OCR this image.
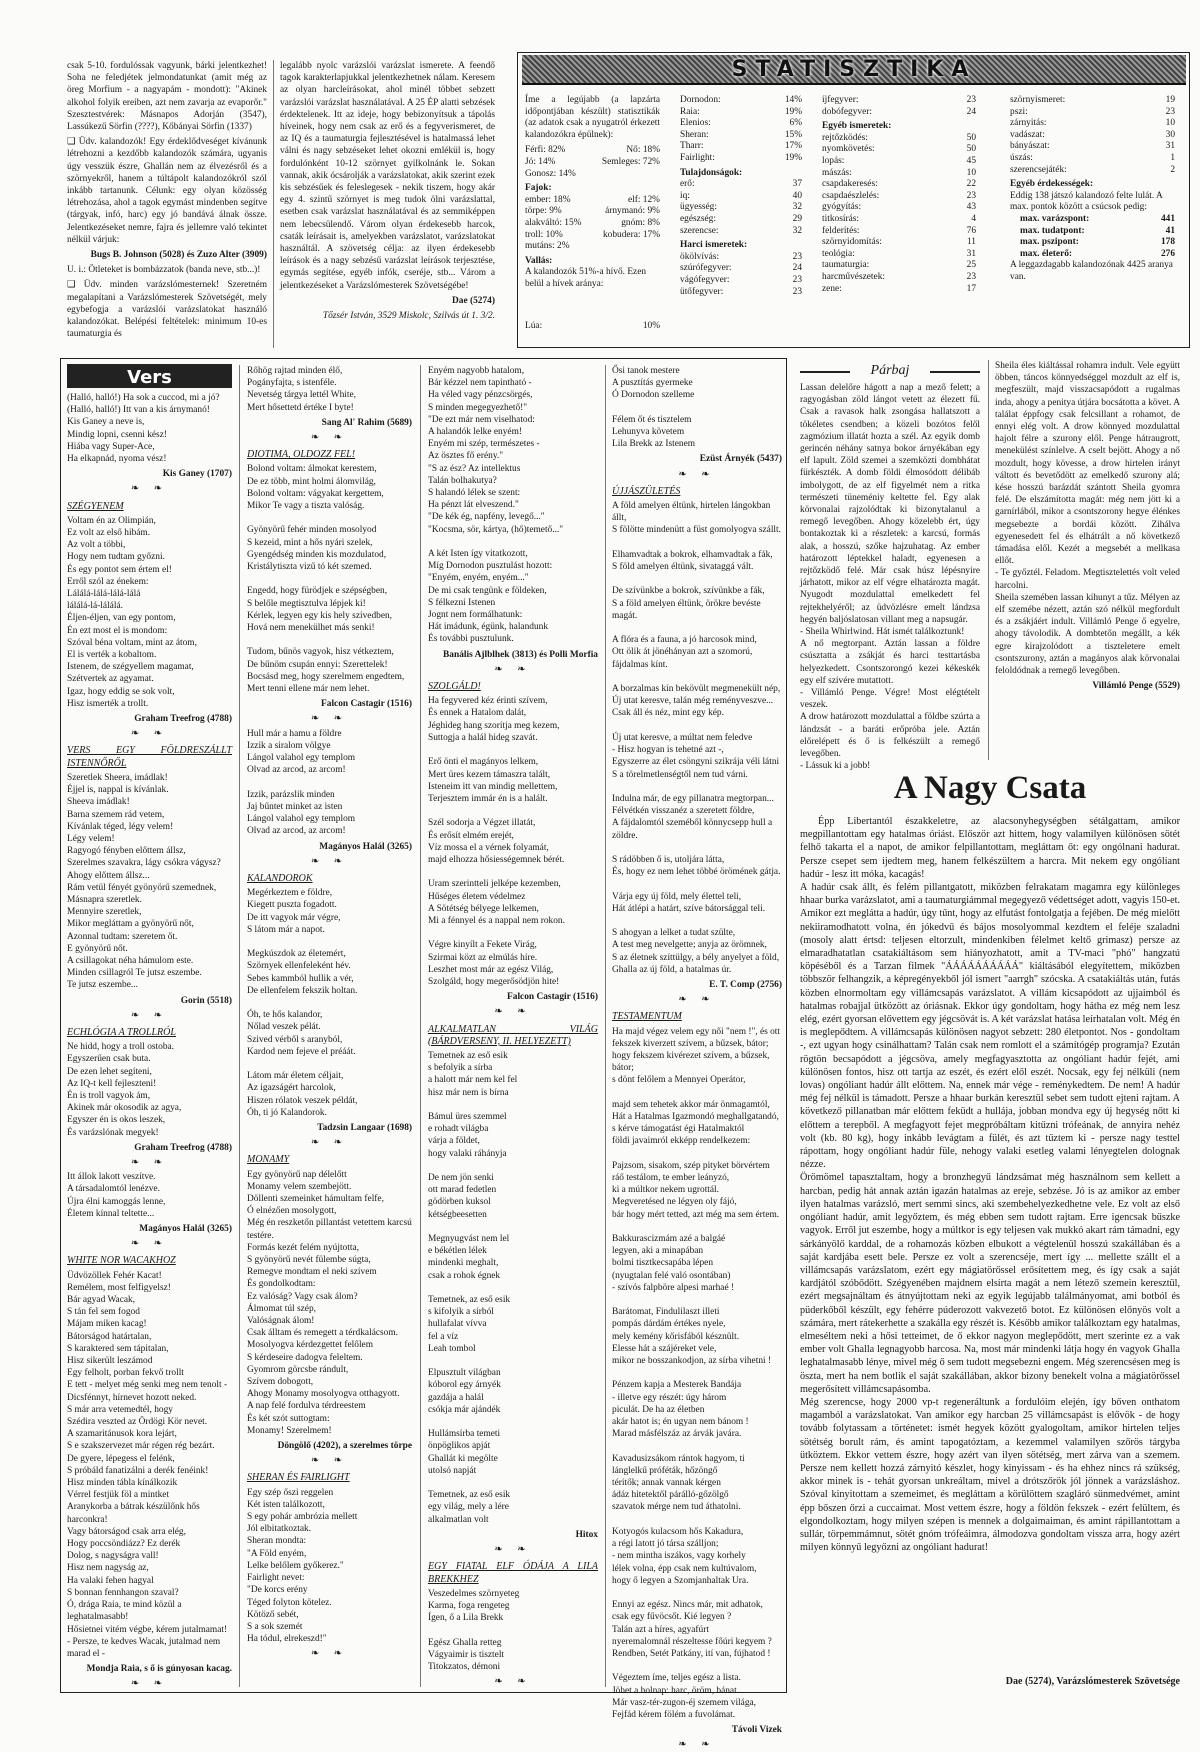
csak 5-10. fordulóssak vagyunk, bárki jelentkezhet! Soha ne feledjétek jelmondatunkat (amit még az öreg Morfium - a nagyapám - mondott): "Akinek alkohol folyik ereiben, azt nem zavarja az evaporőr." Szesztestvérek: Másnapos Adorján (3547), Lassúkezű Sörfin (????), Kőbányai Sörfin (1337)

❑ Üdv. kalandozók! Egy érdeklődveséget kívánunk létrehozni a kezdőbb kalandozók számára, ugyanis úgy vesszük észre, Ghallán nem az élvezésről és a szörnyekről, hanem a túltápolt kalandozókról szól inkább tartanunk. Célunk: egy olyan közösség létrehozása, ahol a tagok egymást mindenben segítve (tárgyak, infó, harc) egy jó bandává álnak össze. Jelentkezéseket nemre, fajra és jellemre való tekintet nélkül várjuk:

Bugs B. Johnson (5028) és Zuzo Alter (3909)

U. i.: Ötleteket is bombázzatok (banda neve, stb...)!

❑ Üdv. minden varázslómesternek! Szeretném megalapítani a Varázslómesterek Szövetségét, mely egybefogja a varázslói varázslatokat használó kalandozókat. Belépési feltételek: minimum 10-es taumaturgia és

legalább nyolc varázslói varázslat ismerete. A feendő tagok karakterlapjukkal jelentkezhetnek nálam. Keresem az olyan harcleírásokat, ahol minél többet sebzett varázslói varázslat használatával. A 25 ÉP alatti sebzések érdektelenek. Itt az ideje, hogy bebizonyítsuk a tápolás híveinek, hogy nem csak az erő és a fegyverismeret, de az IQ és a taumaturgia fejlesztésével is hatalmassá lehet válni és nagy sebzéseket lehet okozni emlékül is, hogy fordulónként 10-12 szörnyet gyilkolnánk le. Sokan vannak, akik ócsárolják a varázslatokat, akik szerint ezek kis sebzésűek és feleslegesek - nekik tiszem, hogy akár egy 4. szintű szörnyet is meg tudok ölni varázslattal, esetben csak varázslat használatával és az semmiképpen nem lebecsülendő. Várom olyan érdekesebb harcok, csaták leírásait is, amelyekben varázslatot, varázslatokat használtál. A szövetség célja: az ilyen érdekesebb leírások és a nagy sebzésű varázslat leírások terjesztése, egymás segítése, egyéb infók, cseréje, stb... Várom a jelentkezéseket a Varázslómesterek Szövetségébe!

Dae (5274)

Tőzsér István, 3529 Miskolc, Szilvás út 1. 3/2.

STATISZTIKA
Íme a legújabb (a lapzárta időpontjában készült) statisztikák (az adatok csak a nyugatról érkezett kalandozókra épülnek):
Férfi: 82%	Nő: 18%
Jó: 14%	Semleges: 72%
Gonosz: 14%
Fajok:
ember: 18%	elf: 12%
törpe: 9%	árnymanó: 9%
alakváltó: 15%	gnóm: 8%
troll: 10%	kobudera: 17%
mutáns: 2%
Vallás:
A kalandozók 51%-a hívő. Ezen belül a hívek aránya:
Dornodon:	14%
Raia:	19%
Elenios:	6%
Sheran:	15%
Tharr:	17%
Fairlight:	19%
Tulajdonságok:
erő:	37
iq:	40
ügyesség:	32
egészség:	29
szerencse:	32
Harci ismeretek:
ökölvívás:	23
szúrófegyver:	24
vágófegyver:	23
ütőfegyver:	23
Lúa:	10%
íjfegyver:	23
dobófegyver:	24
Egyéb ismeretek:
rejtőzködés:	50
nyomkövetés:	50
lopás:	45
mászás:	10
csapdakeresés:	22
csapdaészlelés:	23
gyógyítás:	43
titkosírás:	4
felderítés:	76
szörnyidomítás:	11
teológia:	31
taumaturgia:	25
harcművészetek:	23
zene:	17
szörnyismeret:	19
pszi:	23
zárnyitás:	10
vadászat:	30
bányászat:	31
úszás:	1
szerencsejáték:	2
Egyéb érdekességek:
Eddig 138 játszó kalandozó felte lulát. A max. pontok között a csúcsok pedig:
max. varázspont:	441
max. tudatpont:	41
max. pszipont:	178
max. életerő:	276
A leggazdagabb kalandozónak 4425 aranya van.
Vers

(Halló, halló!) Ha sok a cuccod, mi a jó?
(Halló, halló!) Itt van a kis árnymanó!
Kis Ganey a neve is,
Mindig lopni, csenni kész!
Hiába vagy Super-Ace,
Ha elkapnád, nyoma vész!

Kis Ganey (1707)

❧ ❧
SZÉGYENEM

Voltam én az Olimpián,
Ez volt az első hibám.
Az volt a többi,
Hogy nem tudtam győzni.
És egy pontot sem értem el!
Erről szól az énekem:
Lálálá-lálá-lálá-lálá
lálálá-lá-lálálá.
Éljen-éljen, van egy pontom,
Én ezt most el is mondom:
Szóval béna voltam, mint az átom,
El is verték a kobaltom.
Istenem, de szégyellem magamat,
Szétvertek az agyamat.
Igaz, hogy eddig se sok volt,
Hisz ismerték a trollt.

Graham Treefrog (4788)

❧ ❧
VERS EGY FÖLDRESZÁLLT ISTENNŐRŐL

Szeretlek Sheera, imádlak!
Éjjel is, nappal is kívánlak.
Sheeva imádlak!
Barna szemem rád vetem,
Kívánlak téged, légy velem!
Légy velem!
Ragyogó fényben előttem állsz,
Szerelmes szavakra, lágy csókra vágysz?
Ahogy előttem állsz...
Rám vetül fényét gyönyörű szemednek,
Másnapra szeretlek.
Mennyire szeretlek,
Mikor megláttam a gyönyörű nőt,
Azonnal tudtam: szeretem őt.
E gyönyörű nőt.
A csillagokat néha hámulom este.
Minden csillagról Te jutsz eszembe.
Te jutsz eszembe...

Gorin (5518)

❧ ❧
ECHLÓGIA A TROLLRÓL

Ne hidd, hogy a troll ostoba.
Egyszerűen csak buta.
De ezen lehet segíteni,
Az IQ-t kell fejleszteni!
Én is troll vagyok ám,
Akinek már okosodik az agya,
Egyszer én is okos leszek,
És varázslónak megyek!

Graham Treefrog (4788)

❧ ❧

Itt állok lakott veszítve.
A társadalomtól lenézve.
Újra élni kamoggás lenne,
Életem kínnal teltette...

Magányos Halál (3265)

❧ ❧
WHITE NOR WACAKHOZ

Üdvözöllek Fehér Kacat!
Remélem, most felfigyelsz!
Bár agyad Wacak,
S tán fel sem fogod
Májam miken kacag!
Bátorságod határtalan,
S karaktered sem tápitalan,
Hisz sikerült leszámod
Egy felholt, porban fekvő trollt
E tett - melyet még senki meg nem tenolt -
Dicsfénnyt, hírnevet hozott neked.
S már arra vetemedtél, hogy
Szédira veszted az Ördögi Kör nevet.
A szamaritánusok kora lejárt,
S e szakszervezet már régen rég bezárt.
De gyere, lépegess el felénk,
S próbáld fanatizálni a derék fenéink!
Hisz minden tábla kínálkozik
Vérrel festjük föl a mintket
Aranykorba a bátrak készülőnk hős harconkra!
Vagy bátorságod csak arra elég,
Hogy poccsöndiázz? Ez derék
Dolog, s nagyságra vall!
Hisz nem nagyság az,
Ha valaki fehen hagyal
S bonnan fennhangon szaval?
Ó, drága Raia, te mind közül a leghatalmasabb!
Hősietnei vitém végbe, kérem jutalmamat!
- Persze, te kedves Wacak, jutalmad nem marad el -

Mondja Raia, s ő is gúnyosan kacag.

❧ ❧

Rőhög rajtad minden élő,
Pogányfajta, s istenféle.
Nevetség tárgya lettél White,
Mert hősettetd értéke I byte!

Sang Al' Rahim (5689)

❧ ❧
DIOTIMA, OLDOZZ FEL!

Bolond voltam: álmokat kerestem,
De ez több, mint holmi álomvilág,
Bolond voltam: vágyakat kergettem,
Mikor Te vagy a tiszta valóság.

Gyönyörű fehér minden mosolyod
S kezeid, mint a hős nyári szelek,
Gyengédség minden kis mozdulatod,
Kristálytiszta vizű tó két szemed.

Engedd, hogy fürödjek e szépségben,
S belőle megtisztulva lépjek ki!
Kérlek, legyen egy kis hely szívedben,
Hová nem menekülhet más senki!

Tudom, bűnös vagyok, hisz vétkeztem,
De bűnöm csupán ennyi: Szerettelek!
Bocsásd meg, hogy szerelmem engedtem,
Mert tenni ellene már nem lehet.

Falcon Castagir (1516)

❧ ❧

Hull már a hamu a földre
Izzik a siralom völgye
Lángol valahol egy templom
Olvad az arcod, az arcom!

Izzik, parázslik minden
Jaj bűntet minket az isten
Lángol valahol egy templom
Olvad az arcod, az arcom!

Magányos Halál (3265)

❧ ❧
KALANDOROK

Megérkeztem e földre,
Kiegett puszta fogadott.
De itt vagyok már végre,
S látom már a napot.

Megkúszdok az életemért,
Szörnyek ellenfeleként hév.
Sebes kammból hullik a vér,
De ellenfelem fekszik holtan.

Óh, te hős kalandor,
Nőlad veszek pélát.
Szived vérből s aranyból,
Kardod nem fejeve el préáát.

Látom már életem céljait,
Az igazságért harcolok,
Hiszen rólatok veszek példát,
Óh, ti jó Kalandorok.

Tadzsin Langaar (1698)

❧ ❧
MONAMY

Egy gyönyörű nap délelőtt
Monamy velem szembejött.
Döllenti szemeinket hámultam felfe,
Ó elnézően mosolygott,
Még én reszketőn pillantást vetettem karcsú testére.
Formás kezét felém nyújtotta,
S gyönyörű nevét fülembe súgta,
Remegve mondtam el neki szívem
És gondolkodtam:
Ez valóság? Vagy csak álom?
Álmomat túl szép,
Valóságnak álom!
Csak álltam és remegett a térdkalácsom.
Mosolyogva kérdezgettet felőlem
S kérdeseire dadogva feleltem.
Gyomrom görcsbe rándult,
Szívem dobogott,
Ahogy Monamy mosolyogva otthagyott.
A nap felé fordulva térdreestem
És két szót suttogtam:
Monamy! Szerelmem!

Döngölő (4202), a szerelmes törpe

❧ ❧
SHERAN ÉS FAIRLIGHT

Egy szép őszi reggelen
Két isten találkozott,
S egy pohár ambrózia mellett
Jól elbitatkoztak.
Sheran mondta:
"A Föld enyém,
Lelke belőlem győkerez."
Fairlight nevet:
"De korcs erény
Téged folyton kötelez.
Kötöző sebét,
S a sok szemét
Ha tódul, elrekeszd!"

❧ ❧

Enyém nagyobb hatalom,
Bár kézzel nem tapintható -
Ha véled vagy pénzcsörgés,
S minden megegyezhető!"
"De ezt már nem viselhatod:
A halandók lelke enyém!
Enyém mi szép, természetes -
Az ösztes fő erény."
"S az ész? Az intellektus
Talán bolhakutya?
S halandó lélek se szent:
Ha pénzt lát elveszend."
"De kék ég, napfény, levegő..."
"Kocsma, sör, kártya, (hő)temető..."

A két Isten így vitatkozott,
Míg Dornodon pusztulást hozott:
"Enyém, enyém, enyém..."
De mi csak tengünk e földeken,
S félkezni Istenen
Jognt nem formálhatunk:
Hát imádunk, égünk, halandunk
És további pusztulunk.

Banális Ajlblhek (3813) és Polli Morfia

❧ ❧
SZOLGÁLD!

Ha fegyvered kéz érinti szívem,
És ennek a Hatalom dalát,
Jéghideg hang szorítja meg kezem,
Suttogja a halál hideg szavát.

Erő önti el magányos lelkem,
Mert üres kezem támaszra talált,
Isteneim itt van mindig mellettem,
Terjesztem immár én is a halált.

Szél sodorja a Végzet illatát,
És erősít elmém erejét,
Víz mossa el a vérnek folyamát,
majd elhozza hősiességemnek bérét.

Uram szerintteli jelképe kezemben,
Hűséges életem védelmez
A Sötétség bélyege lelkemen,
Mi a fénnyel és a nappal nem rokon.

Végre kinyílt a Fekete Virág,
Szirmai közt az elmúlás híre.
Leszhet most már az egész Világ,
Szolgáld, hogy megerősödjön hite!

Falcon Castagir (1516)

❧ ❧
ALKALMATLAN VILÁG (BÁRDVERSENY, II. HELYEZETT)

Temetnek az eső esik
s befolyik a sírba
a halott már nem kel fel
hisz már nem is bírna

Bámul üres szemmel
e rohadt világba
várja a földet,
hogy valaki ráhányja

De nem jön senki
ott marad fedetlen
gödörben kuksol
kétségbeesetten

Megnyugvást nem lel
e békétlen lélek
mindenki meghalt,
csak a rohok égnek

Temetnek, az eső esik
s kifolyik a sírból
hullafalat vívva
fel a víz
Leah tombol

Elpusztult világban
kóborol egy árnyék
gazdája a halál
csókja már ajándék

Hullámsírba temeti
önpöglikos apját
Ghallát ki megölte
utolsó napját

Temetnek, az eső esik
egy világ, mely a lére
alkalmatlan volt

Hitox

❧ ❧
EGY FIATAL ELF ÓDÁJA A LILA BREKKHEZ

Veszedelmes szörnyeteg
Karma, foga rengeteg
Ígen, ő a Lila Brekk

Egész Ghalla retteg
Vágyaimir is tisztelt
Titokzatos, démoni

❧ ❧

Ősi tanok mestere
A pusztítás gyermeke
Ó Dornodon szelleme

Félem őt és tisztelem
Lehunyva követem
Lila Brekk az Istenem

Ezüst Árnyék (5437)

❧ ❧
ÚJJÁSZÜLETÉS

A föld amelyen éltünk, hirtelen lángokban állt,
S fölötte mindenütt a füst gomolyogva szállt.

Elhamvadtak a bokrok, elhamvadtak a fák,
S föld amelyen éltünk, sivataggá vált.

De szívünkbe a bokrok, szívünkbe a fák,
S a föld amelyen éltünk, örökre bevéste magát.

A flóra és a fauna, a jó harcosok mind,
Ott ölik át jönéhányan azt a szomorú, fájdalmas kínt.

A borzalmas kín bekövült megmenekült nép,
Új utat keresve, talán még reményveszve...
Csak áll és néz, mint egy kép.

Új utat keresve, a múltat nem feledve
- Hisz hogyan is tehetné azt -,
Egyszerre az élet csöngyni szikrája véli látni
S a törelmetlenségtől nem tud várni.

Indulna már, de egy pillanatra megtorpan...
Félvétkén visszanéz a szeretett földre,
A fájdalomtól szeméből könnycsepp hull a zöldre.

S rádöbben ő is, utoljára látta,
És, hogy ez nem lehet többé örömének gátja.

Várja egy új föld, mely élettel teli,
Hát átlépi a határt, szíve bátorsággal teli.

S ahogyan a lelket a tudat szülte,
A test meg nevelgette; anyja az örömnek,
S az életnek szíttülgy, a bély anyelyet a föld,
Ghalla az új föld, a hatalmas úr.

E. T. Comp (2756)

❧ ❧
TESTAMENTUM

Ha majd végez velem egy női "nem !", és ott fekszek kiverzett szívem, a bűzsek, bátor;
hogy fekszem kivérezet szívem, a bűzsek, bátor;
s dönt felőlem a Mennyei Operátor,

majd sem tehetek akkor már önmagamtól,
Hát a Hatalmas Igazmondó meghallgatandó,
s kérve támogatást égi Hatalmaktól
földi javaimról ekképp rendelkezem:

Pajzsom, sisakom, szép pityket börvértem
ráő testálom, te ember leányzó,
ki a múltkor nekem ugrottál.
Megveretésed ne légyen oly fájó,
bár hogy mért tetted, azt még ma sem értem.

Bakkurascizmám azé a balgáé
legyen, aki a minapában
bolmi tisztkecsapába lépen
(nyugtalan felé való osontában)
- szívós falpböre alpesi marhaé !

Barátomat, Findulilaszt illeti
pompás dárdám értékes nyele,
mely kemény kőrisfából késznült.
Elesse hát a szájéreket vele,
mikor ne bosszankodjon, az sírba vihetni !

Pénzem kapja a Mesterek Bandája
- illetve egy részét: úgy három
piculát. De ha az életben
akár hatot is; én ugyan nem bánom !
Marad másfélszáz az árvák javára.

Kavadusizsákom rántok hagyom, ti
lánglelkű próféták, hőzöngő
térítők; annak vannak kérgen
ádáz hitetektől párálló-gőzölgő
szavatok mérge nem tud áthatolni.

Kotyogós kulacsom hős Kakadura,
a régi latott jó társa szálljon;
- nem mintha iszákos, vagy korhely
lélek volna, épp csak nem kultúvalom,
hogy ő legyen a Szomjanhaltak Ura.

Ennyi az egész. Nincs már, mit adhatok,
csak egy fűvöcsőt. Kié legyen ?
Talán azt a híres, agyafúrt
nyeremalomnál részeltesse főúri kegyem ?
Rendben, Setét Patkány, ití van, fújhatod !

Végeztem íme, teljes egész a lista.
Jöhet a holnap: harc, öröm, bánat...
Már vasz-tér-zugon-éj szemem világa,
Fejfád kérem fölém a fuvolámat.

Távoli Vizek

❧ ❧
Párbaj

Lassan delelőre hágott a nap a mező felett; a ragyogásban zöld lángot vetett az élezett fű. Csak a ravasok halk zsongása hallatszott a tökéletes csendben; a közeli bozótos felől zagmózium illatát hozta a szél. Az egyik domb gerincén néhány satnya bokor árnyékában egy elf lapult. Zöld szemei a szemközti dombhátat fürkészték. A domb földi élmosódott délibáb imbolygott, de az elf figyelmét nem a ritka természeti tüneméniy keltette fel. Egy alak körvonalai rajzolódtak ki bizonytalanul a remegő levegőben. Ahogy közelebb ért, úgy bontakoztak ki a részletek: a karcsú, formás alak, a hosszú, szőke hajzuhatag. Az ember határozott léptekkel haladt, egyenesen a rejtőzködő felé. Már csak húsz lépésnyire járhatott, mikor az elf végre elhatározta magát. Nyugodt mozdulattal emelkedett fel rejtekhelyéről; az üdvözlésre emelt lándzsa hegyén baljóslatosan villant meg a napsugár.
- Sheila Whirlwind. Hát ismét találkoztunk!
A nő megtorpant. Aztán lassan a földre csúsztatta a zsákját és harci testtartásba helyezkedett. Csontszorongó kezei kékeskék egy elf szívére mutattott.
- Villámló Penge. Végre! Most elégtételt veszek.
A drow határozott mozdulattal a földbe szúrta a lándzsát - a baráti erőpróba jele. Aztán előrelépett és ő is felkészült a remegő levegőben.
- Lássuk ki a jobb!

Sheila éles kiáltással rohamra indult. Vele együtt öbben, táncos könnyedséggel mozdult az elf is, megfeszült, majd visszacsapódott a rugalmas inda, ahogy a penitya útjára bocsátotta a követ. A találat éppfogy csak felcsillant a rohamot, de ennyi elég volt. A drow könnyed mozdulattal hajolt félre a szurony elől. Penge hátraugrott, menekülést színlelve. A cselt bejött. Ahogy a nő mozdult, hogy kövesse, a drow hirtelen irányt váltott és bevetődött az emelkedő szurony alá; kése hosszú barázdát szántott Sheila gyomra felé. De elszámította magát: még nem jött ki a garnírlából, mikor a csontszorony hegye élénkes megsebezte a bordái között. Zihálva egyenesedett fel és elhátrált a nő következő támadása elől. Kezét a megsebét a mellkasa ellőt.
- Te győztél. Feladom. Megtisztelettés volt veled harcolni.
Sheila szemében lassan kihunyt a tűz. Mélyen az elf szemébe nézett, aztán szó nélkül megfordult és a zsákjáért indult. Villámló Penge ő egyelre, ahogy távolodik. A dombtetőn megállt, a kék egre kirajzolódott a tiszteletere emelt csontszurony, aztán a magányos alak körvonalai feloldódnak a remegő levegőben.

Villámló Penge (5529)

A Nagy Csata

Épp Libertantól északkeletre, az alacsonyhegységben sétálgattam, amikor megpillantottam egy hatalmas óriást. Először azt hittem, hogy valamilyen különösen sötét felhő takarta el a napot, de amikor felpillantottam, megláttam őt: egy ongólnani hadurat. Persze csepet sem ijedtem meg, hanem felkészültem a harcra. Mit nekem egy ongóliant hadúr - lesz itt móka, kacagás!
A hadúr csak állt, és felém pillantgatott, miközben felrakatam magamra egy különleges hhaar burka varázslatot, ami a taumaturgiámmal megegyező védettséget adott, vagyis 150-et. Amikor ezt megláttа a hadúr, úgy tűnt, hogy az elfutást fontolgatja a fejében. De még mielőtt nekiiramodhatott volna, én jókedvű és bájos mosolyommal kezdtem el feléje szaladni (mosoly alatt értsd: teljesen eltorzult, mindenkiben félelmet keltő grimasz) persze az elmaradhatatlan csatakiáltásom sem hiányozhatott, amit a TV-maci "phó" hangzatú köpéséből és a Tarzan filmek "ÁÁÁÁÁÁÁÁÁÁ" kiáltásából elegyítettem, miközben többször felhangzik, a képregényekből jól ismert "aarrgh" szócska. A csatakiáltás után, futás közben elnormoltam egy villámcsapás varázslatot. A villám kicsapódott az ujjaimból és hatalmas robajjal ütközött az óriásnak. Ekkor úgy gondoltam, hogy hátha ez még nem lesz elég, ezért gyorsan elővettem egy jégcsövát is. A két varázslat hatása leírhatalan volt. Még én is meglepődtem. A villámcsapás különösen nagyot sebzett: 280 életpontot. Nos - gondoltam -, ezt ugyan hogy csinálhattam? Talán csak nem romlott el a számítógép programja? Ezután rögtön becsapódott a jégcsöva, amely megfagyasztotta az ongóliant hadúr fejét, ami különösen fontos, hisz ott tartja az eszét, és ezért elől eszét. Nocsak, egy fej nélküli (nem lovas) ongóliant hadúr állt előttem. Na, ennek már vége - reménykedtem. De nem! A hadúr még fej nélkül is támadott. Persze a hhaar burkán keresztül sebet sem tudott ejteni rajtam. A következő pillanatban már előttem feküdt a hullája, jobban mondva egy új hegység nőtt ki előttem a terepből. A megfagyott fejet megpróbáltam kitűzni trófeának, de annyira nehéz volt (kb. 80 kg), hogy inkább levágtam a fülét, és azt tűztem ki - persze nagy testtel rápottam, hogy ongóliant hadúr füle, nehogy valaki esetleg valami lényegtelen dolognak nézze.
Örömömel tapasztaltam, hogy a bronzhegyű lándzsámat még használnom sem kellett a harcban, pedig hát annak aztán igazán hatalmas az ereje, sebzése. Jó is az amikor az ember ilyen hatalmas varázsló, mert semmi sincs, aki szembehelyezkedhetne vele. Ez volt az első ongóliant hadúr, amit legyőztem, és még ebben sem tudott rajtam. Erre igencsak büszke vagyok. Erről jut eszembe, hogy a múltkor is egy teljesen vak mukkó akart rám támadni, egy sárkányölő karddal, de a rohamozás közben elbukott a végtelenül hosszú szakállában és a saját kardjába esett bele. Persze ez volt a szerencséje, mert így ... mellette szállt el a villámcsapás varázslatom, ezért egy mágiatörőssel erősítettem meg, és így csak a saját kardjától szóbődött. Szégyenében majdnem elsírta magát a nem létező szemein keresztül, ezért megsajnáltam és átnyújtottam neki az egyik legújabb találmányomat, ami botból és püderkőből készült, egy fehérre púderozott vakvezető botot. Ez különösen előnyös volt a számára, mert rátekerhette a szakálla egy részét is. Később amikor találkoztam egy hatalmas, elmeséltem neki a hősi tetteimet, de ő ekkor nagyon meglepődött, mert szerinte ez a vak ember volt Ghalla legnagyobb harcosa. Na, most már mindenki látja hogy én vagyok Ghalla leghatalmasabb lénye, mivel még ő sem tudott megsebezni engem. Még szerencsésen meg is öszta, mert ha nem botlik el saját szakállában, akkor bizony benekelt volna a mágiatörőssel megerősített villámcsapásomba.
Még szerencse, hogy 2000 vp-t regeneráltunk a fordulóim elején, így bőven onthatom magamból a varázslatokat. Van amikor egy harcban 25 villámcsapást is elővök - de hogy tovább folytassam a történetet: ismét hegyek között gyalogoltam, amikor hirtelen teljes sötétség borult rám, és amint tapogatóztam, a kezemmel valamilyen szőrös tárgyba ütköztem. Ekkor vettem észre, hogy azért van ilyen sötétség, mert zárva van a szemem. Persze nem kellett hozzá zárnyitó készlet, hogy kinyissam - és ha ehhez nincs rá szükség, akkor minek is - tehát gyorsan unkreáltam, mivel a drótszőrök jól jönnek a varázsláshoz. Szóval kinyitottam a szemeimet, és megláttam a körülöttem szagláró sünmedvémet, amint épp bőszen őrzi a cuccaimat. Most vettem észre, hogy a földön fekszek - ezért felültem, és elgondolkoztam, hogy milyen szépen is mennek a dolgaimaiman, és amint rápillantottam a sullár, törpemmámnut, sötét gnóm trófeáimra, álmodozva gondoltam vissza arra, hogy azért milyen könnyű legyőzni az ongóliant hadurat!

Dae (5274), Varázslómesterek Szövetsége
